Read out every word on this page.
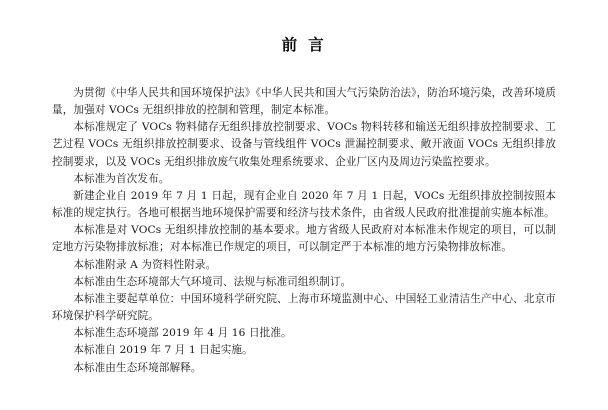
前 言

为贯彻《中华人民共和国环境保护法》《中华人民共和国大气污染防治法》，防治环境污染，改善环境质量，加强对 VOCs 无组织排放的控制和管理，制定本标准。

本标准规定了 VOCs 物料储存无组织排放控制要求、VOCs 物料转移和输送无组织排放控制要求、工艺过程 VOCs 无组织排放控制要求、设备与管线组件 VOCs 泄漏控制要求、敞开液面 VOCs 无组织排放控制要求，以及 VOCs 无组织排放废气收集处理系统要求、企业厂区内及周边污染监控要求。

本标准为首次发布。

新建企业自 2019 年 7 月 1 日起，现有企业自 2020 年 7 月 1 日起，VOCs 无组织排放控制按照本标准的规定执行。各地可根据当地环境保护需要和经济与技术条件，由省级人民政府批准提前实施本标准。

本标准是对 VOCs 无组织排放控制的基本要求。地方省级人民政府对本标准未作规定的项目，可以制定地方污染物排放标准；对本标准已作规定的项目，可以制定严于本标准的地方污染物排放标准。

本标准附录 A 为资料性附录。

本标准由生态环境部大气环境司、法规与标准司组织制订。

本标准主要起草单位：中国环境科学研究院、上海市环境监测中心、中国轻工业清洁生产中心、北京市环境保护科学研究院。

本标准生态环境部 2019 年 4 月 16 日批准。

本标准自 2019 年 7 月 1 日起实施。

本标准由生态环境部解释。
